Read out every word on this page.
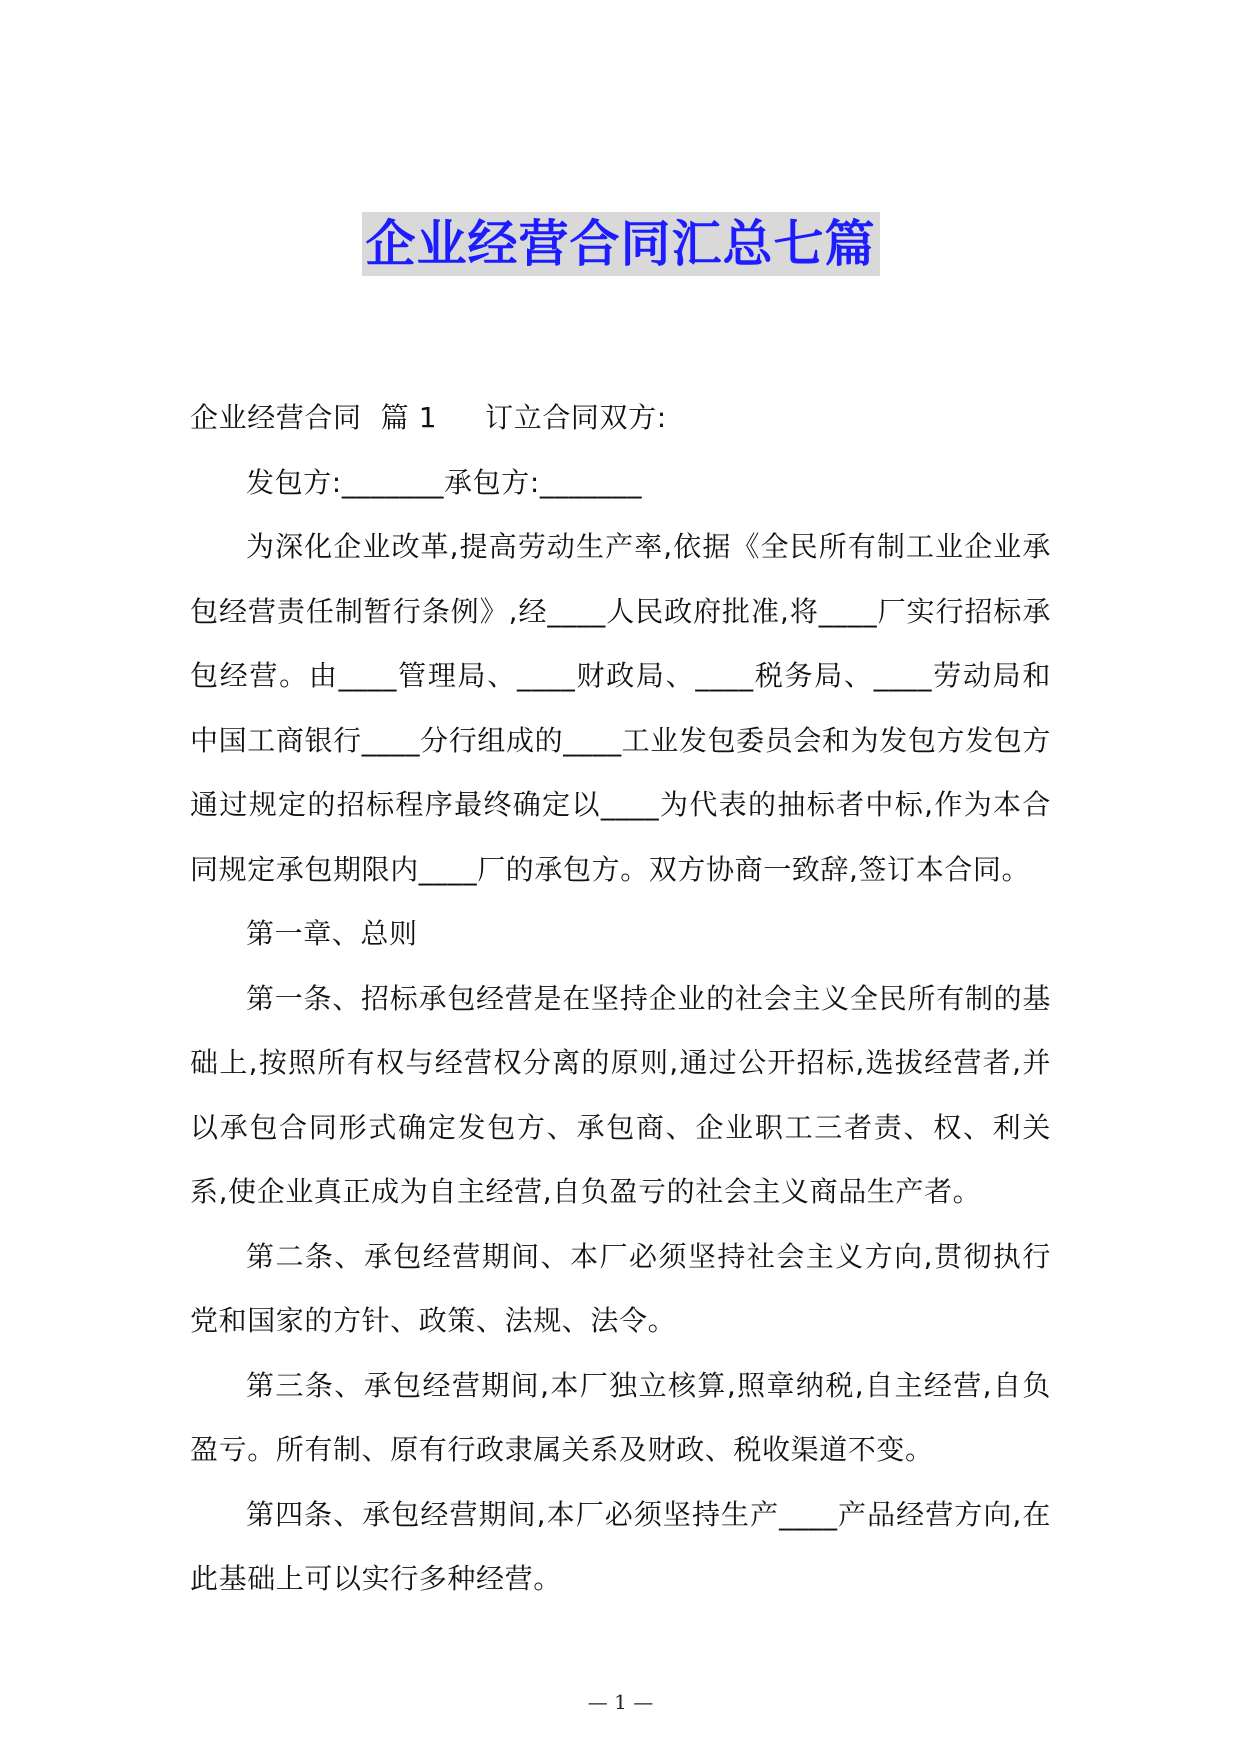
企业经营合同汇总七篇

企业经营合同  篇 1 订立合同双方:

发包方:_______承包方:_______

为深化企业改革,提高劳动生产率,依据《全民所有制工业企业承包经营责任制暂行条例》,经____人民政府批准,将____厂实行招标承包经营。由____管理局、____财政局、____税务局、____劳动局和中国工商银行____分行组成的____工业发包委员会和为发包方发包方通过规定的招标程序最终确定以____为代表的抽标者中标,作为本合同规定承包期限内____厂的承包方。双方协商一致辞,签订本合同。

第一章、总则

第一条、招标承包经营是在坚持企业的社会主义全民所有制的基础上,按照所有权与经营权分离的原则,通过公开招标,选拔经营者,并以承包合同形式确定发包方、承包商、企业职工三者责、权、利关系,使企业真正成为自主经营,自负盈亏的社会主义商品生产者。

第二条、承包经营期间、本厂必须坚持社会主义方向,贯彻执行党和国家的方针、政策、法规、法令。

第三条、承包经营期间,本厂独立核算,照章纳税,自主经营,自负盈亏。所有制、原有行政隶属关系及财政、税收渠道不变。

第四条、承包经营期间,本厂必须坚持生产____产品经营方向,在此基础上可以实行多种经营。

— 1 —
